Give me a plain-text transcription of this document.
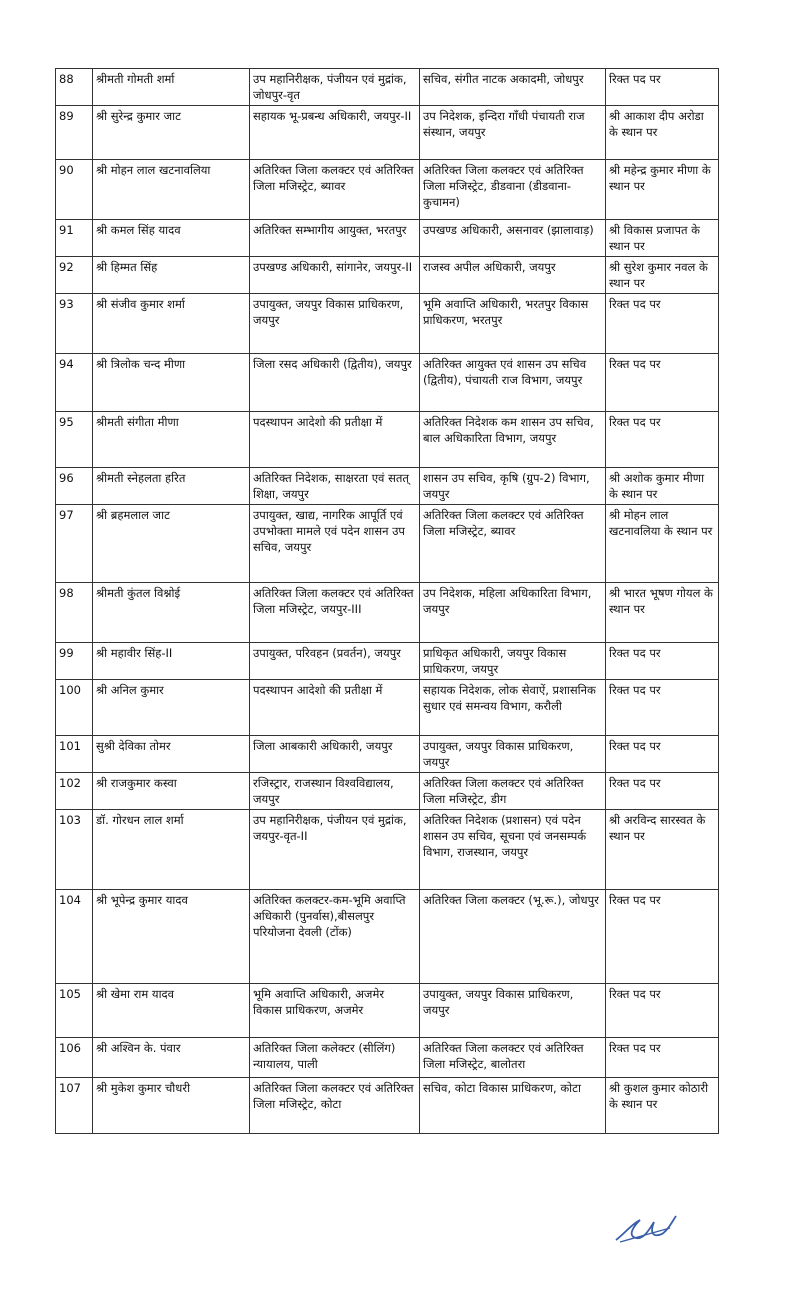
88	श्रीमती गोमती शर्मा	उप महानिरीक्षक, पंजीयन एवं मुद्रांक, जोधपुर-वृत	सचिव, संगीत नाटक अकादमी, जोधपुर	रिक्त पद पर
89	श्री सुरेन्द्र कुमार जाट	सहायक भू-प्रबन्ध अधिकारी, जयपुर-II	उप निदेशक, इन्दिरा गाँधी पंचायती राज संस्थान, जयपुर	श्री आकाश दीप अरोडा के स्थान पर
90	श्री मोहन लाल खटनावलिया	अतिरिक्त जिला कलक्टर एवं अतिरिक्त जिला मजिस्ट्रेट, ब्यावर	अतिरिक्त जिला कलक्टर एवं अतिरिक्त जिला मजिस्ट्रेट, डीडवाना (डीडवाना-कुचामन)	श्री महेन्द्र कुमार मीणा के स्थान पर
91	श्री कमल सिंह यादव	अतिरिक्त सम्भागीय आयुक्त, भरतपुर	उपखण्ड अधिकारी, असनावर (झालावाड़)	श्री विकास प्रजापत के स्थान पर
92	श्री हिम्मत सिंह	उपखण्ड अधिकारी, सांगानेर, जयपुर-II	राजस्व अपील अधिकारी, जयपुर	श्री सुरेश कुमार नवल के स्थान पर
93	श्री संजीव कुमार शर्मा	उपायुक्त, जयपुर विकास प्राधिकरण, जयपुर	भूमि अवाप्ति अधिकारी, भरतपुर विकास प्राधिकरण, भरतपुर	रिक्त पद पर
94	श्री त्रिलोक चन्द मीणा	जिला रसद अधिकारी (द्वितीय), जयपुर	अतिरिक्त आयुक्त एवं शासन उप सचिव (द्वितीय), पंचायती राज विभाग, जयपुर	रिक्त पद पर
95	श्रीमती संगीता मीणा	पदस्थापन आदेशो की प्रतीक्षा में	अतिरिक्त निदेशक कम शासन उप सचिव, बाल अधिकारिता विभाग, जयपुर	रिक्त पद पर
96	श्रीमती स्नेहलता हरित	अतिरिक्त निदेशक, साक्षरता एवं सतत् शिक्षा, जयपुर	शासन उप सचिव, कृषि (ग्रुप-2) विभाग, जयपुर	श्री अशोक कुमार मीणा के स्थान पर
97	श्री ब्रहमलाल जाट	उपायुक्त, खाद्य, नागरिक आपूर्ति एवं उपभोक्ता मामले एवं पदेन शासन उप सचिव, जयपुर	अतिरिक्त जिला कलक्टर एवं अतिरिक्त जिला मजिस्ट्रेट, ब्यावर	श्री मोहन लाल खटनावलिया के स्थान पर
98	श्रीमती कुंतल विश्नोई	अतिरिक्त जिला कलक्टर एवं अतिरिक्त जिला मजिस्ट्रेट, जयपुर-III	उप निदेशक, महिला अधिकारिता विभाग, जयपुर	श्री भारत भूषण गोयल के स्थान पर
99	श्री महावीर सिंह-II	उपायुक्त, परिवहन (प्रवर्तन), जयपुर	प्राधिकृत अधिकारी, जयपुर विकास प्राधिकरण, जयपुर	रिक्त पद पर
100	श्री अनिल कुमार	पदस्थापन आदेशो की प्रतीक्षा में	सहायक निदेशक, लोक सेवाऐं, प्रशासनिक सुधार एवं समन्वय विभाग, करौली	रिक्त पद पर
101	सुश्री देविका तोमर	जिला आबकारी अधिकारी, जयपुर	उपायुक्त, जयपुर विकास प्राधिकरण, जयपुर	रिक्त पद पर
102	श्री राजकुमार कस्वा	रजिस्ट्रार, राजस्थान विश्वविद्यालय, जयपुर	अतिरिक्त जिला कलक्टर एवं अतिरिक्त जिला मजिस्ट्रेट, डीग	रिक्त पद पर
103	डॉ. गोरधन लाल शर्मा	उप महानिरीक्षक, पंजीयन एवं मुद्रांक, जयपुर-वृत-II	अतिरिक्त निदेशक (प्रशासन) एवं पदेन शासन उप सचिव, सूचना एवं जनसम्पर्क विभाग, राजस्थान, जयपुर	श्री अरविन्द सारस्वत के स्थान पर
104	श्री भूपेन्द्र कुमार यादव	अतिरिक्त कलक्टर-कम-भूमि अवाप्ति अधिकारी (पुनर्वास),बीसलपुर परियोजना देवली (टोंक)	अतिरिक्त जिला कलक्टर (भू.रू.), जोधपुर	रिक्त पद पर
105	श्री खेमा राम यादव	भूमि अवाप्ति अधिकारी, अजमेर विकास प्राधिकरण, अजमेर	उपायुक्त, जयपुर विकास प्राधिकरण, जयपुर	रिक्त पद पर
106	श्री अश्विन के. पंवार	अतिरिक्त जिला कलेक्टर (सीलिंग) न्यायालय, पाली	अतिरिक्त जिला कलक्टर एवं अतिरिक्त जिला मजिस्ट्रेट, बालोतरा	रिक्त पद पर
107	श्री मुकेश कुमार चौधरी	अतिरिक्त जिला कलक्टर एवं अतिरिक्त जिला मजिस्ट्रेट, कोटा	सचिव, कोटा विकास प्राधिकरण, कोटा	श्री कुशल कुमार कोठारी के स्थान पर
